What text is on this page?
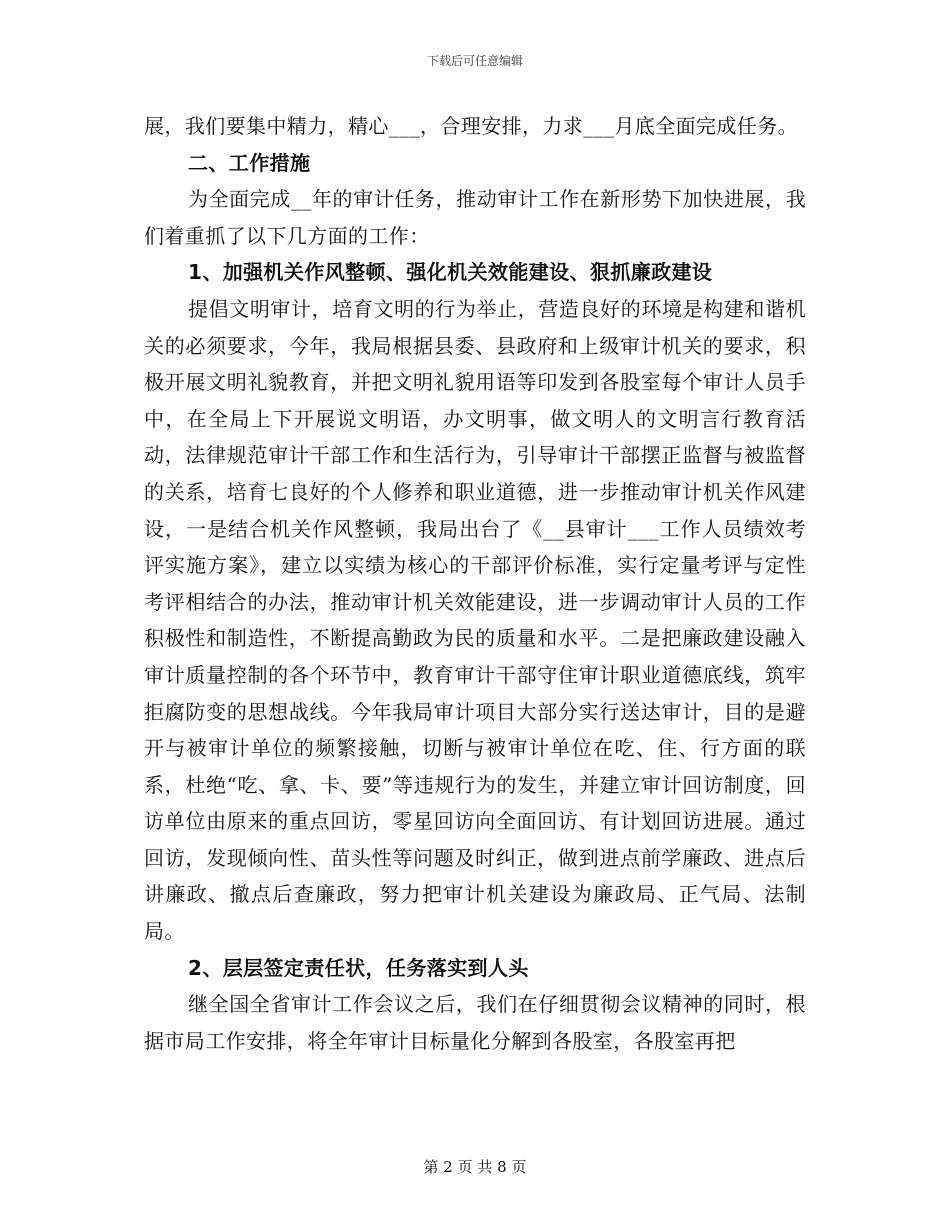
下载后可任意编辑

展，我们要集中精力，精心___，合理安排，力求___月底全面完成任务。

二、工作措施

为全面完成__年的审计任务，推动审计工作在新形势下加快进展，我们着重抓了以下几方面的工作：

1、加强机关作风整顿、强化机关效能建设、狠抓廉政建设

提倡文明审计，培育文明的行为举止，营造良好的环境是构建和谐机关的必须要求，今年，我局根据县委、县政府和上级审计机关的要求，积极开展文明礼貌教育，并把文明礼貌用语等印发到各股室每个审计人员手中，在全局上下开展说文明语，办文明事，做文明人的文明言行教育活动，法律规范审计干部工作和生活行为，引导审计干部摆正监督与被监督的关系，培育七良好的个人修养和职业道德，进一步推动审计机关作风建设，一是结合机关作风整顿，我局出台了《__县审计___工作人员绩效考评实施方案》，建立以实绩为核心的干部评价标准，实行定量考评与定性考评相结合的办法，推动审计机关效能建设，进一步调动审计人员的工作积极性和制造性，不断提高勤政为民的质量和水平。二是把廉政建设融入审计质量控制的各个环节中，教育审计干部守住审计职业道德底线，筑牢拒腐防变的思想战线。今年我局审计项目大部分实行送达审计，目的是避开与被审计单位的频繁接触，切断与被审计单位在吃、住、行方面的联系，杜绝“吃、拿、卡、要”等违规行为的发生，并建立审计回访制度，回访单位由原来的重点回访，零星回访向全面回访、有计划回访进展。通过回访，发现倾向性、苗头性等问题及时纠正，做到进点前学廉政、进点后讲廉政、撤点后查廉政，努力把审计机关建设为廉政局、正气局、法制局。

2、层层签定责任状，任务落实到人头

继全国全省审计工作会议之后，我们在仔细贯彻会议精神的同时，根据市局工作安排，将全年审计目标量化分解到各股室，各股室再把

第 2 页 共 8 页
